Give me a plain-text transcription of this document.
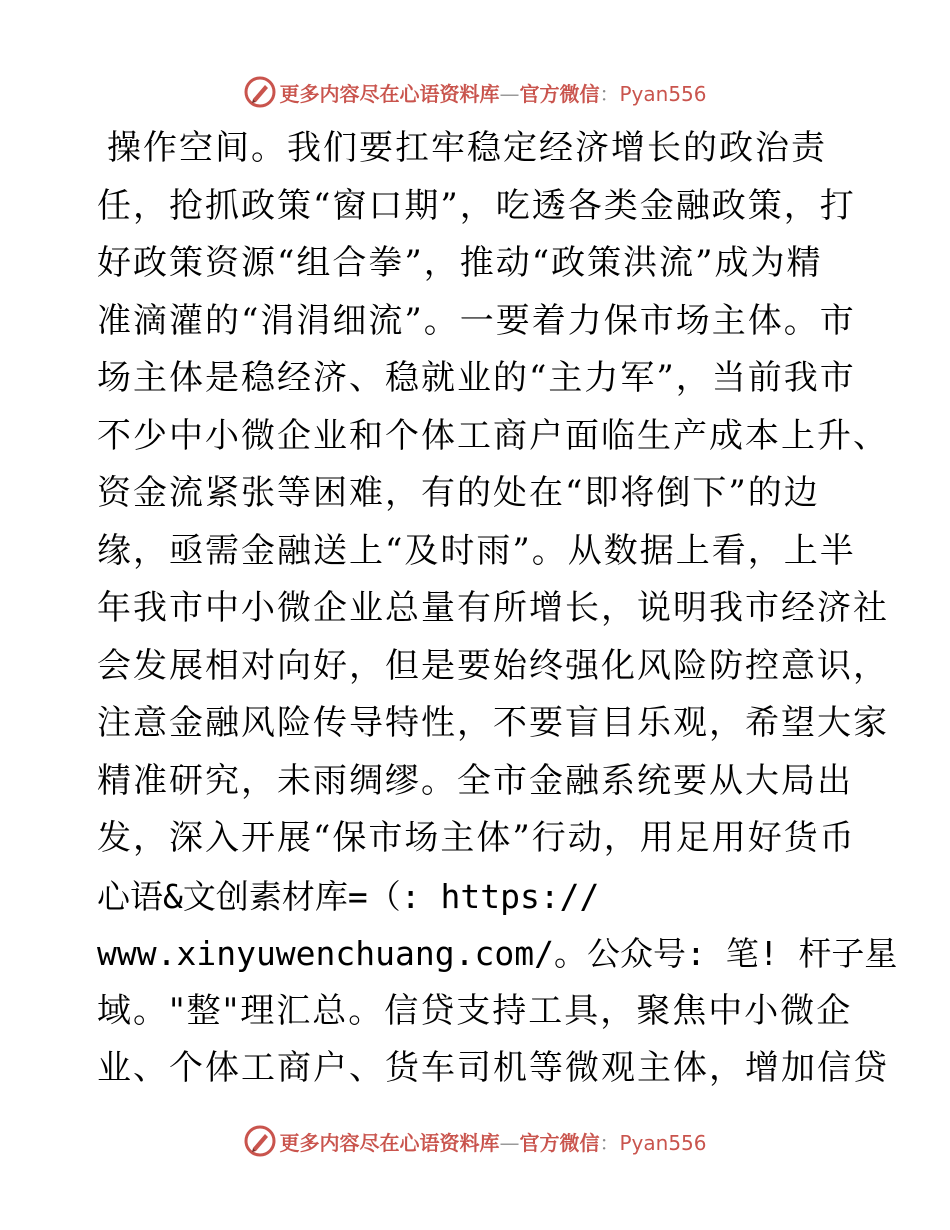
更多内容尽在心语资料库—官方微信：Pyan556
操作空间。我们要扛牢稳定经济增长的政治责
任，抢抓政策“窗口期”，吃透各类金融政策，打
好政策资源“组合拳”，推动“政策洪流”成为精
准滴灌的“涓涓细流”。一要着力保市场主体。市
场主体是稳经济、稳就业的“主力军”，当前我市
不少中小微企业和个体工商户面临生产成本上升、
资金流紧张等困难，有的处在“即将倒下”的边
缘，亟需金融送上“及时雨”。从数据上看，上半
年我市中小微企业总量有所增长，说明我市经济社
会发展相对向好，但是要始终强化风险防控意识，
注意金融风险传导特性，不要盲目乐观，希望大家
精准研究，未雨绸缪。全市金融系统要从大局出
发，深入开展“保市场主体”行动，用足用好货币
心语&文创素材库=（: https://
www.xinyuwenchuang.com/。公众号: 笔! 杆子星
域。"整"理汇总。信贷支持工具，聚焦中小微企
业、个体工商户、货车司机等微观主体，增加信贷
更多内容尽在心语资料库—官方微信：Pyan556
